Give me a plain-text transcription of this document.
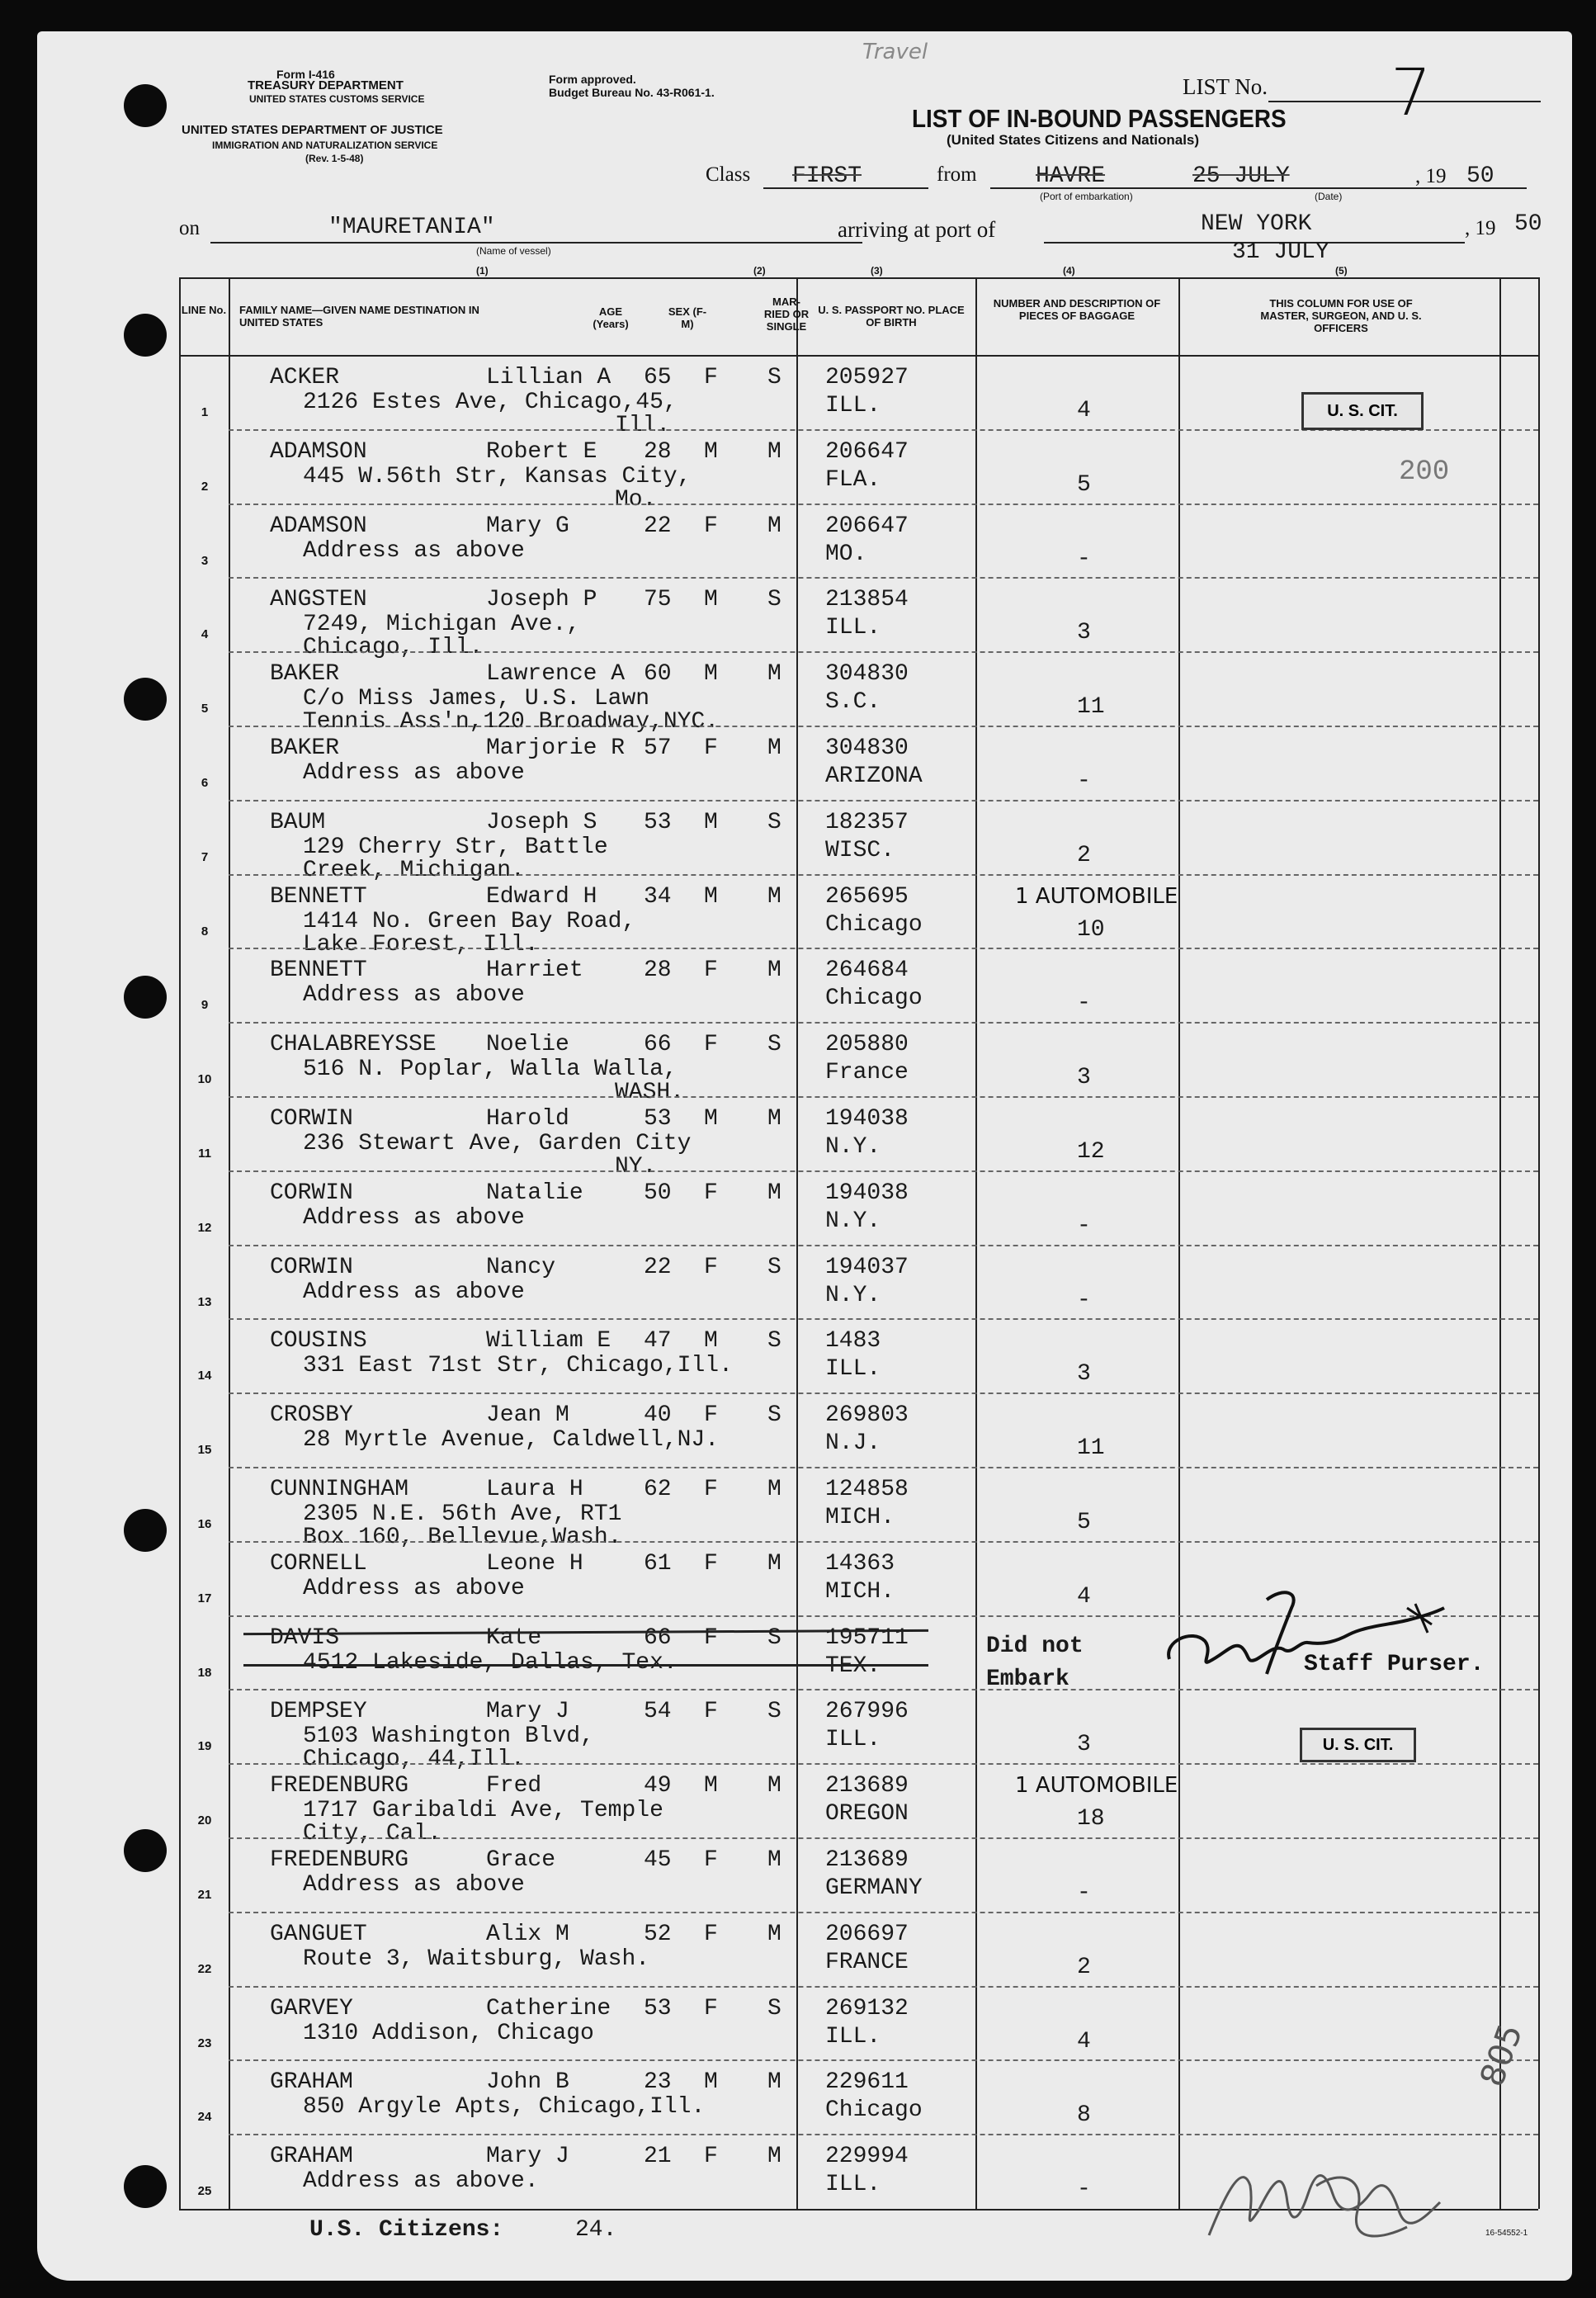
Form I-416
TREASURY DEPARTMENT
UNITED STATES CUSTOMS SERVICE
Form approved.
Budget Bureau No. 43-R061-1.
UNITED STATES DEPARTMENT OF JUSTICE
IMMIGRATION AND NATURALIZATION SERVICE
(Rev. 1-5-48)
Travel
LIST No. 7
LIST OF IN-BOUND PASSENGERS
(United States Citizens and Nationals)
Class FIRST	from	HAVRE
(Port of embarkation)
25 JULY
(Date)
, 19 50
on	"MAURETANIA"
(Name of vessel)
arriving at port of	NEW YORK
31 JULY
, 19 50
(1)	(2)	(3)	(4)	(5)
LINE No. FAMILY NAME—GIVEN NAME DESTINATION IN UNITED STATES
AGE (Years)
SEX (F-M)
MAR-RIED OR SINGLE
U. S. PASSPORT NO. PLACE OF BIRTH
NUMBER AND DESCRIPTION OF PIECES OF BAGGAGE
THIS COLUMN FOR USE OF MASTER, SURGEON, AND U. S. OFFICERS
1
ACKER	Lillian A 65 F S
2126 Estes Ave, Chicago,45,
Ill.
205927
ILL.	4
2
ADAMSON	Robert E 28 M M
445 W.56th Str, Kansas City,
Mo.
206647
FLA.	5
3
ADAMSON	Mary G	22 F M
Address as above
206647
MO.	-
4
ANGSTEN	Joseph P 75 M S
7249, Michigan Ave.,
Chicago, Ill.
213854
ILL.	3
5
BAKER	Lawrence A 60 M M
C/o Miss James, U.S. Lawn
Tennis Ass'n,120 Broadway,NYC.
304830
S.C.	11
6
BAKER	Marjorie R 57 F M
Address as above
304830
ARIZONA	-
7
BAUM	Joseph S 53 M S
129 Cherry Str, Battle
Creek, Michigan.
182357
WISC.	2
8
BENNETT	Edward H 34 M M
1414 No. Green Bay Road,
Lake Forest, Ill.
265695
Chicago	10
1 AUTOMOBILE
9
BENNETT	Harriet	28 F M
Address as above
264684
Chicago	-
10
CHALABREYSSE Noelie	66 F S
516 N. Poplar, Walla Walla,
WASH.
205880
France	3
11
CORWIN	Harold	53 M M
236 Stewart Ave, Garden City
NY.
194038
N.Y.	12
12
CORWIN	Natalie	50 F M
Address as above
194038
N.Y.	-
13
CORWIN	Nancy	22 F S
Address as above
194037
N.Y.	-
14
COUSINS	William E 47 M S
331 East 71st Str, Chicago,Ill.
1483
ILL.	3
15
CROSBY	Jean M	40 F S
28 Myrtle Avenue, Caldwell,NJ.
269803
N.J.	11
16
CUNNINGHAM	Laura H	62 F M
2305 N.E. 56th Ave, RT1
Box 160, Bellevue,Wash.
124858
MICH.	5
17
CORNELL	Leone H	61 F M
Address as above
14363
MICH.	4
18
DAVIS	Kate	66 F S
4512 Lakeside, Dallas, Tex.
195711
TEX.
Did not Embark
19
DEMPSEY	Mary J	54 F S
5103 Washington Blvd,
Chicago, 44,Ill.
267996
ILL.	3
20
FREDENBURG	Fred	49 M M
1717 Garibaldi Ave, Temple
City, Cal.
213689
OREGON	18
1 AUTOMOBILE
21
FREDENBURG	Grace	45 F M
Address as above
213689
GERMANY	-
22
GANGUET	Alix M	52 F M
Route 3, Waitsburg, Wash.
206697
FRANCE	2
23
GARVEY	Catherine 53 F S
1310 Addison, Chicago
269132
ILL.	4
24
GRAHAM	John B	23 M M
850 Argyle Apts, Chicago,Ill.
229611
Chicago	8
25
GRAHAM	Mary J	21 F M
Address as above.
229994
ILL.	-
U. S. CIT.
200
U. S. CIT.
Staff Purser.
805
U.S. Citizens:	24.	16-54552-1
